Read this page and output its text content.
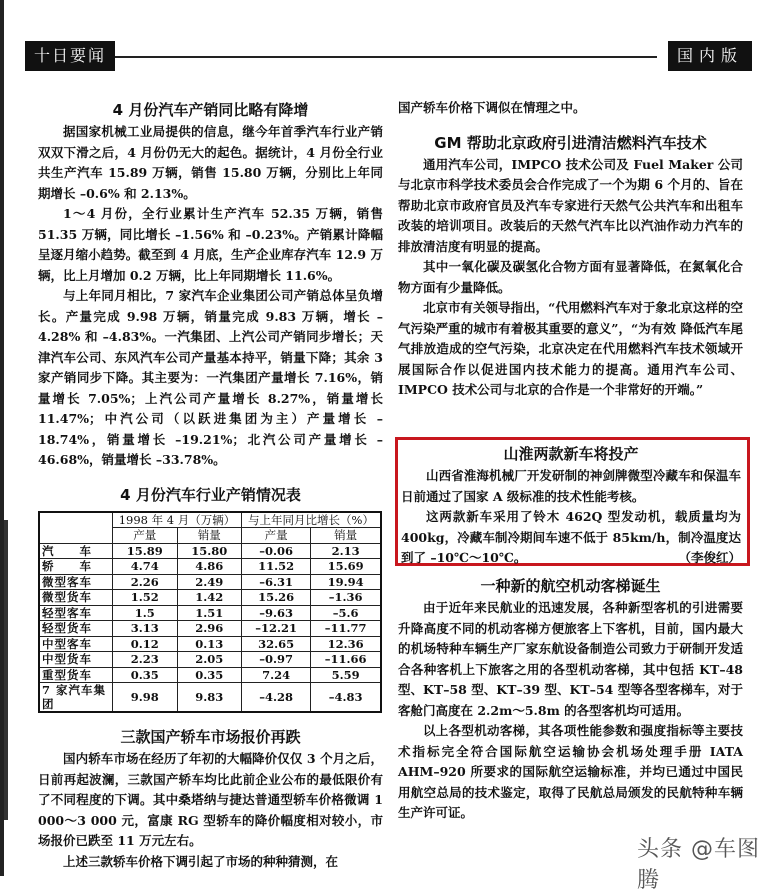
十日要闻	国内版
4 月份汽车产销同比略有降增

据国家机械工业局提供的信息，继今年首季汽车行业产销双双下滑之后，4 月份仍无大的起色。据统计，4 月份全行业共生产汽车 15.89 万辆，销售 15.80 万辆，分别比上年同期增长 –0.6% 和 2.13%。

1～4 月份，全行业累计生产汽车 52.35 万辆，销售 51.35 万辆，同比增长 –1.56% 和 –0.23%。产销累计降幅呈逐月缩小趋势。截至到 4 月底，生产企业库存汽车 12.9 万辆，比上月增加 0.2 万辆，比上年同期增长 11.6%。

与上年同月相比，7 家汽车企业集团公司产销总体呈负增长。产量完成 9.98 万辆，销量完成 9.83 万辆，增长 –4.28% 和 –4.83%。一汽集团、上汽公司产销同步增长；天津汽车公司、东风汽车公司产量基本持平，销量下降；其余 3 家产销同步下降。其主要为：一汽集团产量增长 7.16%，销量增长 7.05%；上汽公司产量增长 8.27%，销量增长 11.47%；中汽公司（以跃进集团为主）产量增长 –18.74%，销量增长 –19.21%；北汽公司产量增长 –46.68%，销量增长 –33.78%。

4 月份汽车行业产销情况表
	1998 年 4 月（万辆）		与上年同月比增长（%）	
	产量	销量	产量	销量
汽　　车	15.89	15.80	–0.06	2.13
轿　　车	4.74	4.86	11.52	15.69
微型客车	2.26	2.49	–6.31	19.94
微型货车	1.52	1.42	15.26	–1.36
轻型客车	1.5	1.51	–9.63	–5.6
轻型货车	3.13	2.96	–12.21	–11.77
中型客车	0.12	0.13	32.65	12.36
中型货车	2.23	2.05	–0.97	–11.66
重型货车	0.35	0.35	7.24	5.59
7 家汽车集团	9.98	9.83	–4.28	–4.83
三款国产轿车市场报价再跌

国内轿车市场在经历了年初的大幅降价仅仅 3 个月之后，日前再起波澜，三款国产轿车均比此前企业公布的最低限价有了不同程度的下调。其中桑塔纳与捷达普通型轿车价格微调 1 000～3 000 元，富康 RG 型轿车的降价幅度相对较小，市场报价已跌至 11 万元左右。

上述三款轿车价格下调引起了市场的种种猜测，在

国产轿车价格下调似在情理之中。

GM 帮助北京政府引进清洁燃料汽车技术

通用汽车公司，IMPCO 技术公司及 Fuel Maker 公司与北京市科学技术委员会合作完成了一个为期 6 个月的、旨在帮助北京市政府官员及汽车专家进行天然气公共汽车和出租车改装的培训项目。改装后的天然气汽车比以汽油作动力汽车的排放清洁度有明显的提高。

其中一氧化碳及碳氢化合物方面有显著降低，在氮氧化合物方面有少量降低。

北京市有关领导指出，“代用燃料汽车对于象北京这样的空气污染严重的城市有着极其重要的意义”，“为有效 降低汽车尾气排放造成的空气污染，北京决定在代用燃料汽车技术领域开展国际合作以促进国内技术能力的提高。通用汽车公司、IMPCO 技术公司与北京的合作是一个非常好的开端。”

山淮两款新车将投产

山西省淮海机械厂开发研制的神剑牌微型冷藏车和保温车日前通过了国家 A 级标准的技术性能考核。

这两款新车采用了铃木 462Q 型发动机，载质量均为 400kg，冷藏车制冷期间车速不低于 85km/h，制冷温度达到了 –10℃～10℃。	（李俊红）

一种新的航空机动客梯诞生

由于近年来民航业的迅速发展，各种新型客机的引进需要升降高度不同的机动客梯方便旅客上下客机，目前，国内最大的机场特种车辆生产厂家东航设备制造公司致力于研制开发适合各种客机上下旅客之用的各型机动客梯，其中包括 KT–48 型、KT–58 型、KT–39 型、KT–54 型等各型客梯车，对于客舱门高度在 2.2m～5.8m 的各型客机均可适用。

以上各型机动客梯，其各项性能参数和强度指标等主要技术指标完全符合国际航空运输协会机场处理手册 IATA AHM–920 所要求的国际航空运输标准，并均已通过中国民用航空总局的技术鉴定，取得了民航总局颁发的民航特种车辆生产许可证。

头条 @车图腾
